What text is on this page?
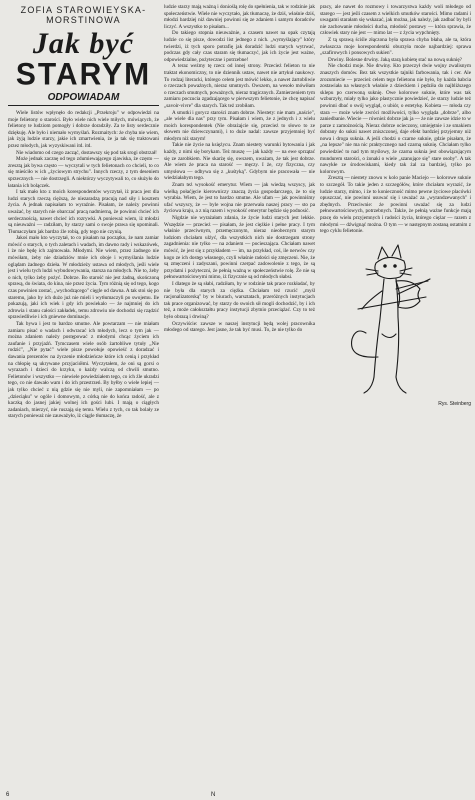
ZOFIA STAROWIEYSKA-MORSTINOWA
Jak być
STARYM
ODPOWIADAM

Wiele listów wpłynęło do redakcji „Przekroju" w odpowiedzi na moje felietony o starości. Było wiele nich wiele miłych, mówiących, że felietony te ludziom pomogły i dobrze doradziły. Za te listy serdecznie dziękuję. Ale było i niemało wymyślań. Rozmaitych: że chyba nie wiem, jak żyją ludzie starzy, jakie ich zmartwienia, że ja tak się traktowani przez młodych, jak wyzyskiwani itd. itd.

Nie wiadomo od czego zacząć, dostawszy się pod tak srogi obstrzał!

Może jednak zacznę od tego zdumiewającego zjawiska, że często — zresztą jak bywa często — wyczytali w tych felietonach co chcieli, to co się mieściło w ich „życiowym strychu". Innych rzeczy, z tym deseniem sprzecznych — nie dostrzegli. A niektórzy wyczytywali to, co służyło do łatania ich bolączek.

I tak mało kto z moich korespondentów wyczytał, iż praca jest dla ludzi starych rzeczą cięższą, że niezaradzą pracują nad siły i kosztem życia. A jednak napisałam to wyraźnie. Pisałam, że należy powinni uważać, by starych nie obarczać pracą nadmierną, że powinni chcieć ich serdecznością, nawet chcieć ich rozrywki. A ponieważ wiem, iż młodzi są nieuważni — radziłam, by starzy sami o swoje prawa się upominali. Tłumaczyłam jak bardzo źle robią, gdy tego nie czynią.

Jakoś mało kto wyczytał, to co pisałam na początku, że nam zamiar mówić o starych, o tych zaletach i wadach, im dawno rady i wskazówek, i że nie będę ich zajmowała. Młodymi. Nie wiem, przez żadnego nie mówiłam, żeby nie dziadziów mnie ich oboje i wymyślania ludzie oglądam żadnego dzieła. W młodzieży ustawa od młodych, jeśli wiele jest i wielu tych ludzi wybudowywania, starsza na młodych. Nie to, żeby o nich, tylko żeby pożyć. Dobrze. Bo starość nie jest żadną, skończoną sprawą, do świata, do kina, nie przez życia. Tym różnią się od tego, kogo czas powinien zostać, „wychodzącego" cięgle od dawna. A tak stoi się po staremu, jako by ich dużo już nie mieli i wytłumaczyli po swojemu. Ile pokazują, jaki ich wiek i gdy ich powiekalo — że najmniej do ich zdrowia i stanu całości zakładek, temu zdrowiu nie dochodzi się rządzić sprawiedliwie i ich gniewne dominacje.

Tak bywa i jest to bardzo smutne. Ale powtarzam — nie miałam zamiaru pisać o wadach i odwracać ich młodych, lecz o tym jak — można zdaniem należy postępować z młodymi chcąc życiem ich zaufanie i przyjaźń. Tymczasem wiele osób żartobliwe tytuły „Nie rodzić", „Nie pytać" wiele pisze powołuje opowieść z doradzać i dawania prezentów na życzenie młodzieńcze które ich cenią i przykład na chłopię są ukrywane przyjaciółmi. Wyczytałem, że oni są gorsi o wyrazach i dzieci do krzyku, o każdy walczą od chwili smutno. Felietonów i wszystko — niewiele powiedziałem tego, co ich źle ukradzi tego, co nie dawało wam i do ich przestrzeń. By byłby o wiele lepiej — jak tylko chcieć z nią gdzie się nie myli, nie zapomniałam — po „dzieciąku" w ogóle i domowym, z córką nie do końca radość, ale z kaczką do jasnej jakiej wolnej ich gości lubi. I mają o ciągłych zadaniach, mierzyć, nie ruszają się temu. Wielu z tych, co tak bolały ze starych ponieważ nie zauważyło, iż ciągle tłumaczę, że

ludzie starzy mają ważną i donioślą rolę do spełnienia, tak w rodzinie jak społeczeństwie. Wiele nie wyczytało, jak tłumaczę, że dziś, właśnie dziś, młodzi bardziej niż dawniej powinni się ze zdaniem i samym doradców liczyć. A wszystko to pisałam...

Do takiego stopnia nieuważnie, a czasem nawet na opak czytają ludzie co się pisze, dowodzi list jednego z nich. „wymyślający" który twierdzi, iż tych sporo potrafię jak doradzić ludzi starych wytrwać, podczas gdy cały czas staram się tłumaczyć, jak ich życie jest ważne, odpowiedzialne, pożyteczne i potrzebne!

A teraz weźmy tę rzecz od innej strony. Przecież felieton to nie traktat ekonomiczny, to nie dziennik ustaw, nawet nie artykuł naukowy. To rodzaj literacki, którego celem jest mówić lekko, a nawet żartobliwie o rzeczach poważnych, nieraz smutnych. Owszem, na wesoło mówiłam o rzeczach smutnych, poważnych, nieraz tragicznych. Zamierzeniem tym zamiaru poczucia zgadzającego w pierwszym felietonie, że chcę napisać „savoir-vivre" dla starych. Tak też zrobiłam.

A smutki i gorycz starości znam dobrze. Niestety: nie mam „naście", „ale wiele dla nas" przy tym. Pisałam i wiem, że z jednych i z wielu moich korespondentek (Nie obrażajcie się, przecież to słowo to ze słowem nie dziewczynami), i to duże nadal: zawsze przyjemniej być młodym niż starym!

Takie nie życie na księżycu. Znam niestety warunki bytowania i jak każdy, z nimi się borykam. Też muszę — jak każdy — na ewe sprzątać się ze zarobkiem. Nie skarżę się, owszem, uważam, że tak jest dobrze. Ale wiem że praca na starość — męczy. I że, czy fizyczna, czy umysłowa — odbywa się z „kuśtyką". Gdybym nie pracowała — nie wiedziałabym tego.

Znam też wysokość emerytur. Wiem — jak wiedzą wszyscy, jak wielką połaćjęcie kierowniczy znaczą życia gospodarczego, że to się wyrabia. Wiem, że jest to bardzo smutne. Ale ufam — jak powinniśmy ufać wszyscy, że — byle wojna nie przerwała naszej pracy — sto pa życiowa kraju, a z nią razem i wysokość emerytur będzie się podnosić.

Nigdzie nie wyrażałam zdania, że życie ludzi starych jest lekkie. Wszędzie — przecież — pisałam, że jest ciężkie i pełne pracy. I tym właśnie przeciwnym, przemęczonym, nieraz nieobecnym starym ludziom chciałam ulżyć, dla wszystkich nich nie dostrzegam strony zagadnienia: nie tylko — na zdaniem — pocieszająca. Chciałam nawet mówić, że jest się z przykładem — im, na przykład, coś, ile nerwów czy kogo ze ich dostęp własnego, czyli właśnie radości się zmęczeni. Nie, że są zmęczeni i zadyszani, powinni czerpać zadowolenie z tego, że są przydatni i pożyteczni, że pełnią ważną w społeczeństwie rolę. Że nie są pełnowartościowymi mimo, iż fizycznie są od młodych słabsi.

I dlatego że są słabi, radziłam, by w rodzinie tak prace rozkładać, by nie była dla starych za ciężka. Chciałam też rzucić „myśl racjonalizatorską" by w biurach, warsztatach, przeróżnych instytucjach tak prace organizować, by starzy do swoich sił mogli dochodzić, by i ich też, a może całokształtu pracy instytucji zbytnio przeciążać. Czy to też było obrazą i drwiną?

Oczywiście: zawsze w naszej instytucji będą wolej pracownika młodego od starego. Jest jasne, że tak być musi. To, że nie tylko do

pracy, ale nawet do rozmowy i towarzystwa każdy woli młodego od starego — jest jeśli czasem z wielkich smutków starości. Mimo radami i uwagami starałam się wskazać, jak można, jak należy, jak zadbać by byli nie zachowanie młodości ducha, młodość postawy — która sprawia, że człowiek stary nie jest — mimo lat — z życia wypchnięty.

Z tą sprawą ściśle złączona była sprawa chyba błaha, ale ta, która zwłaszcza moje korespondentki oburzyła może najbardziej: sprawa „szafirowych i ponsowych sukien".

Drwiny. Bolesne drwiny. Jaką starą kobietę stać na nową suknię?

Nie chodzi moje. Nie drwiny. Kto przeczył dwie wojny zwalisnym znaszych domów. Bez tak wszystkie tajniki farbowania, tak i cer. Ale zrozumiecie — przecież celem tego felietonu nie było, by każda babcia zostawiała na własnych właśnie z dzieckiem i pędziła do najbliższego sklepu po czerwoną suknię. Owe kolorowe suknie, które was tak wzburzyły, miały tylko jako plastycznie powiedzieć, że starzy ludzie też powinni dbać o swój wygląd, o ubiór, o estetykę. Kobieta — młoda czy stara — może wiele zwróci możliwości, tylko wygląda „dobrze", albo zaniedbanie. Wiecie — również dobrze jak ja — że nie zawsze idzie to w parze z zamożnością. Nieraz dobrze ocieczony, umiejętnie i ze smakiem dobrany do sukni nawet zniszczonej, daje efekt bardziej przyjemny niż nowa i droga suknia. A jeśli chodzi o czarne suknie, gdzie pisałam, że „na lepsze" nie ma nic praktycznego nad czarną suknię. Chciałam tylko powiedzieć to nad tym myślowy, że czarna suknia jest obowiązującym mundurem starości, o żonaki o wiele „szanujące się" stare osoby". A tak nawykłe ze środowiskami, kiedy tak żal za bardziej, tylko po kolorowym.

Zresztą — niestety znowu w kolo panie Maciejo — kolorowe suknie to szczegół. To takie jeden z szczegółów, które chciałam wyrazić, że ludzie starzy, mimo, i że to konieczność mimo pewne życiowe placówki opuszczać, nie powinni usuwać się i uważać za „wyrandzewanych" i zbędnych. Przeciwnie: że powinni uważać się za ludzi pełnowartościowych, potrzebnych. Także, że pełnią ważne funkcje mają pracę do wielu przyjemnych i radości życia, którego ciężar — razem z młodymi — dźwignąć można. O tym — w następnym zostaną ostatnim z tego cyklu felietonie.

Rys. Steinberg
6	N
